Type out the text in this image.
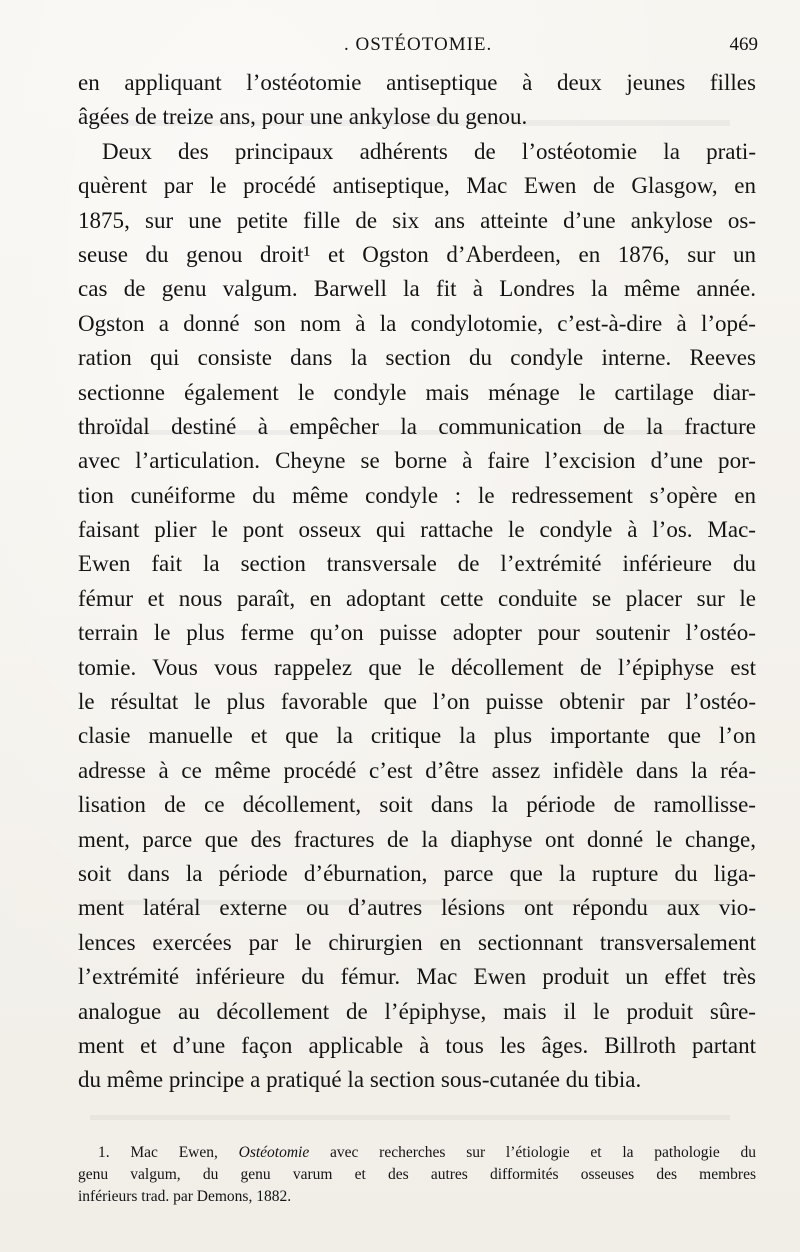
. OSTÉOTOMIE.	469
en appliquant l’ostéotomie antiseptique à deux jeunes filles
âgées de treize ans, pour une ankylose du genou.
Deux des principaux adhérents de l’ostéotomie la prati-
quèrent par le procédé antiseptique, Mac Ewen de Glasgow, en
1875, sur une petite fille de six ans atteinte d’une ankylose os-
seuse du genou droit¹ et Ogston d’Aberdeen, en 1876, sur un
cas de genu valgum. Barwell la fit à Londres la même année.
Ogston a donné son nom à la condylotomie, c’est-à-dire à l’opé-
ration qui consiste dans la section du condyle interne. Reeves
sectionne également le condyle mais ménage le cartilage diar-
throïdal destiné à empêcher la communication de la fracture
avec l’articulation. Cheyne se borne à faire l’excision d’une por-
tion cunéiforme du même condyle : le redressement s’opère en
faisant plier le pont osseux qui rattache le condyle à l’os. Mac-
Ewen fait la section transversale de l’extrémité inférieure du
fémur et nous paraît, en adoptant cette conduite se placer sur le
terrain le plus ferme qu’on puisse adopter pour soutenir l’ostéo-
tomie. Vous vous rappelez que le décollement de l’épiphyse est
le résultat le plus favorable que l’on puisse obtenir par l’ostéo-
clasie manuelle et que la critique la plus importante que l’on
adresse à ce même procédé c’est d’être assez infidèle dans la réa-
lisation de ce décollement, soit dans la période de ramollisse-
ment, parce que des fractures de la diaphyse ont donné le change,
soit dans la période d’éburnation, parce que la rupture du liga-
ment latéral externe ou d’autres lésions ont répondu aux vio-
lences exercées par le chirurgien en sectionnant transversalement
l’extrémité inférieure du fémur. Mac Ewen produit un effet très
analogue au décollement de l’épiphyse, mais il le produit sûre-
ment et d’une façon applicable à tous les âges. Billroth partant
du même principe a pratiqué la section sous-cutanée du tibia.
1. Mac Ewen, Ostéotomie avec recherches sur l’étiologie et la pathologie du
genu valgum, du genu varum et des autres difformités osseuses des membres
inférieurs trad. par Demons, 1882.
